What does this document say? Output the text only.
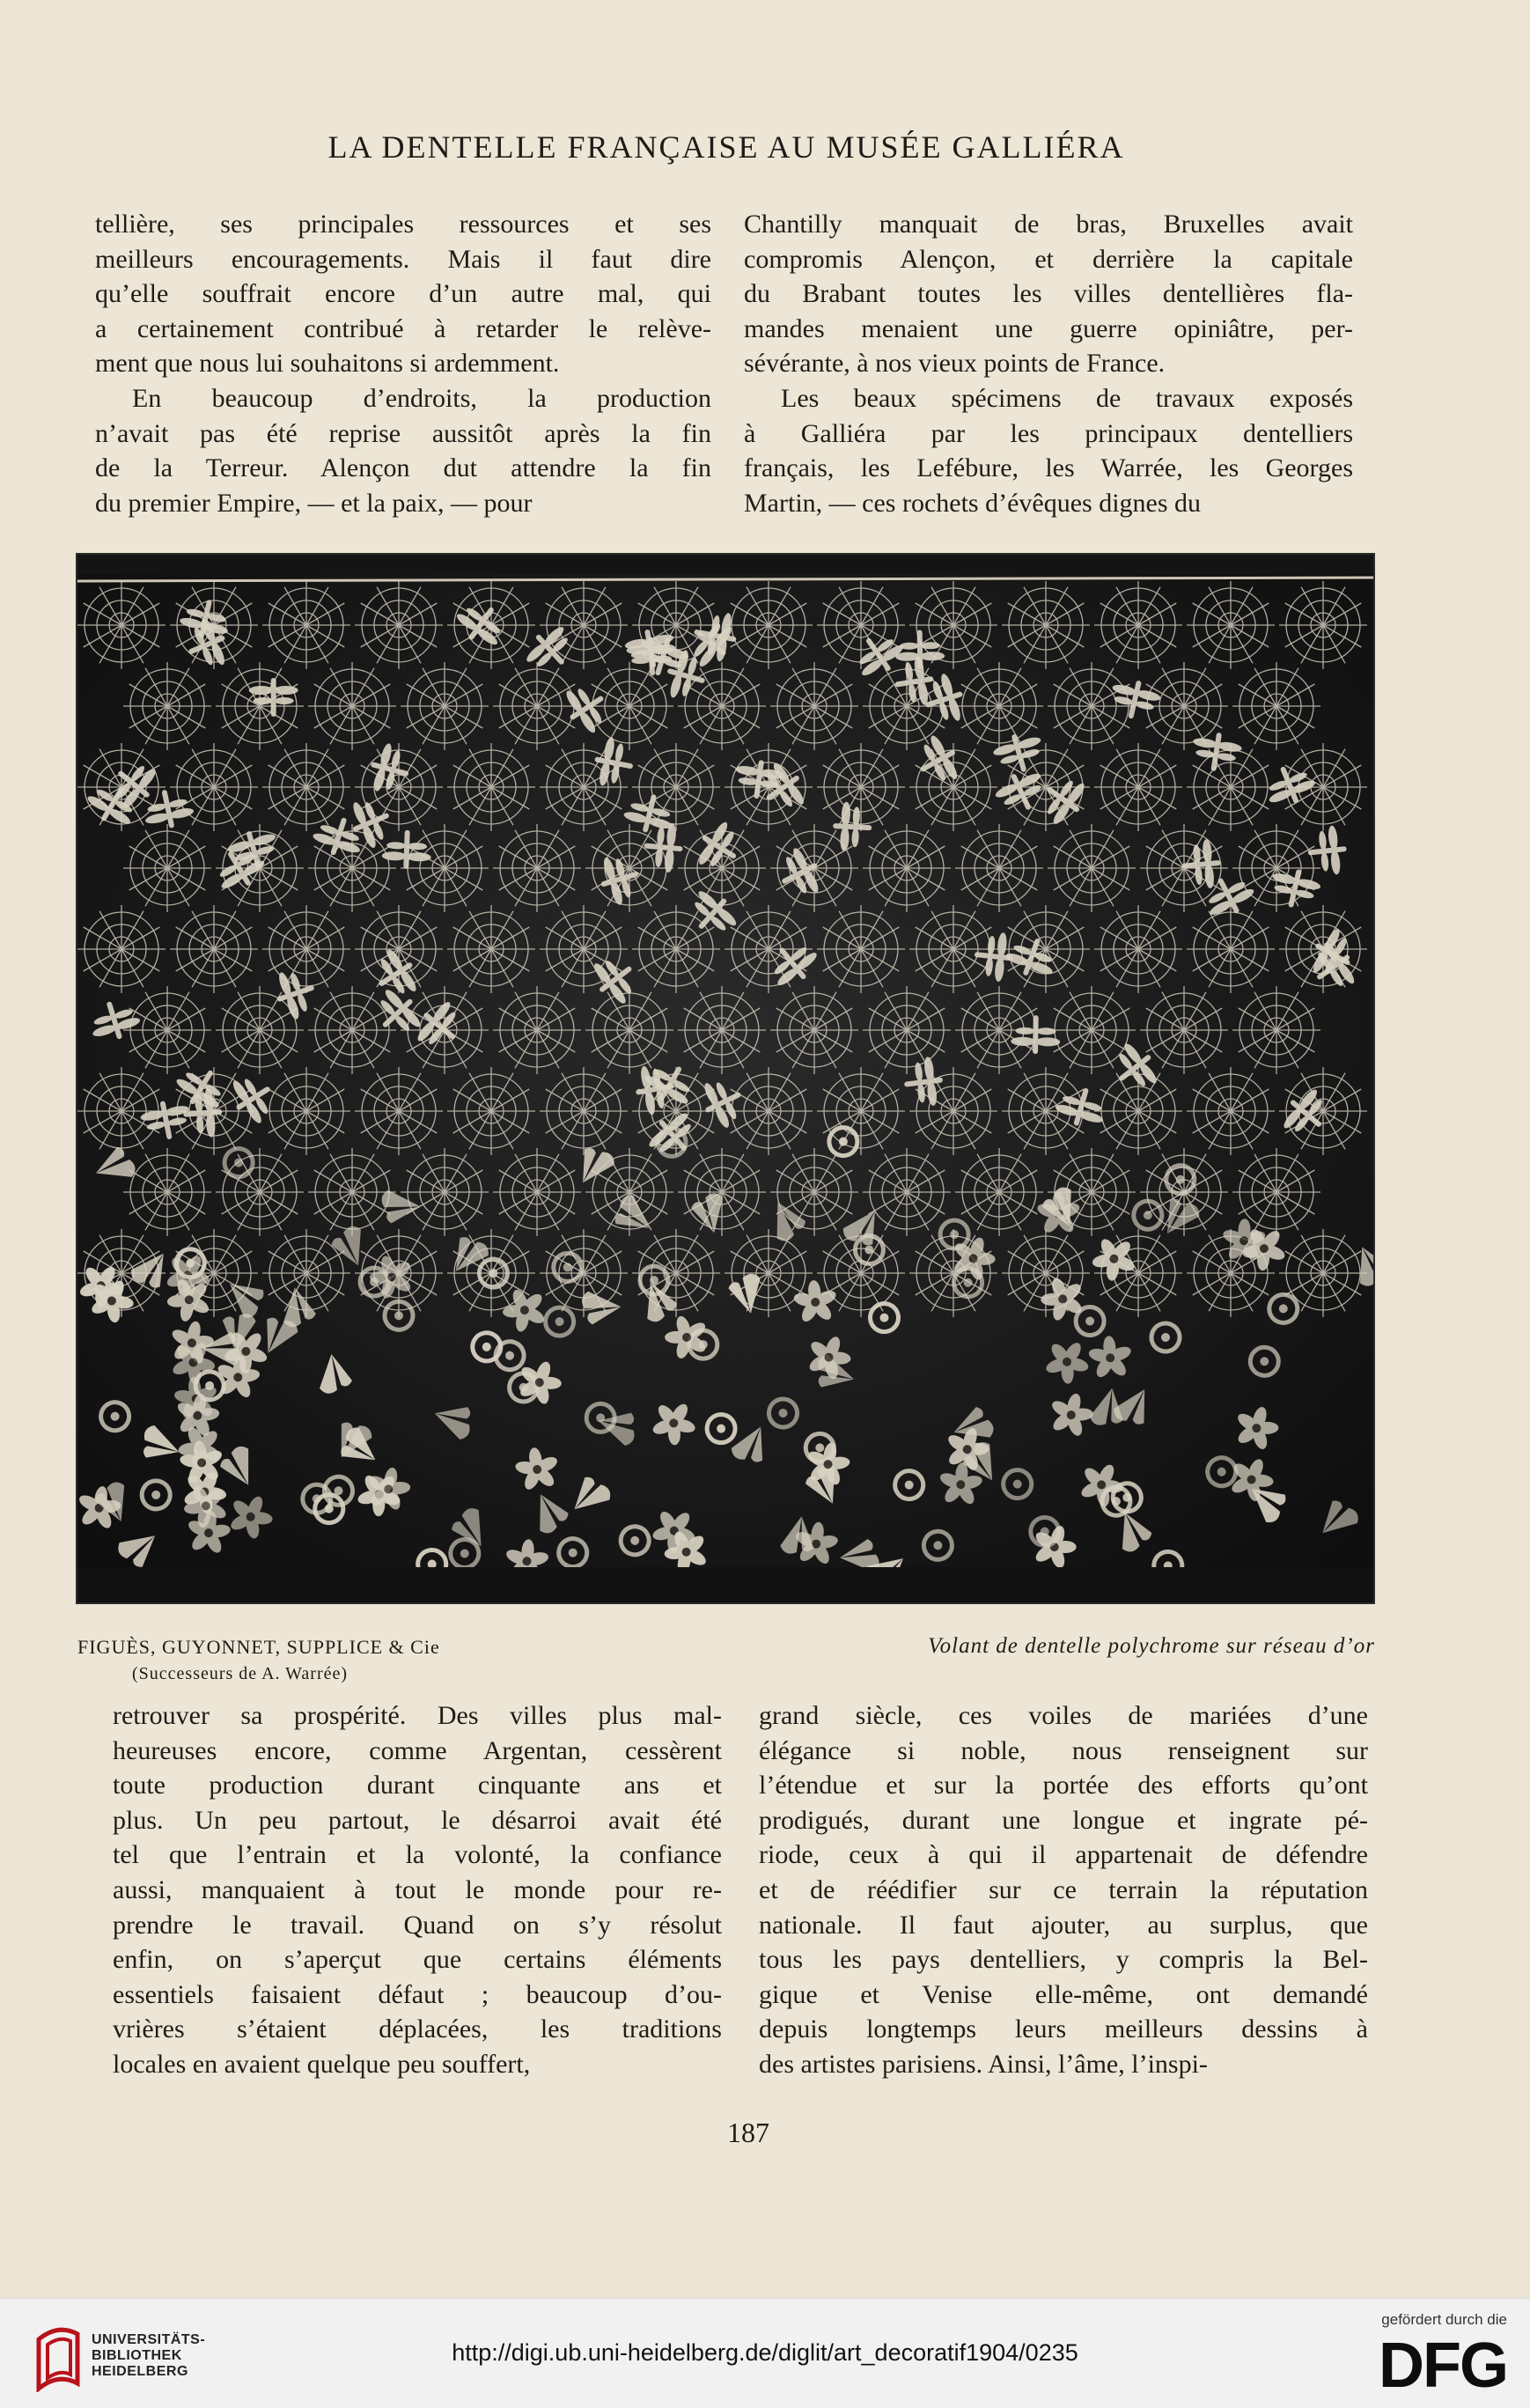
LA DENTELLE FRANÇAISE AU MUSÉE GALLIÉRA

tellière, ses principales ressources et ses

meilleurs encouragements. Mais il faut dire

qu’elle souffrait encore d’un autre mal, qui

a certainement contribué à retarder le relève-

ment que nous lui souhaitons si ardemment.

En beaucoup d’endroits, la production

n’avait pas été reprise aussitôt après la fin

de la Terreur. Alençon dut attendre la fin

du premier Empire, — et la paix, — pour

Chantilly manquait de bras, Bruxelles avait

compromis Alençon, et derrière la capitale

du Brabant toutes les villes dentellières fla-

mandes menaient une guerre opiniâtre, per-

sévérante, à nos vieux points de France.

Les beaux spécimens de travaux exposés

à Galliéra par les principaux dentelliers

français, les Lefébure, les Warrée, les Georges

Martin, — ces rochets d’évêques dignes du

FIGUÈS, GUYONNET, SUPPLICE & Cie
(Successeurs de A. Warrée)
Volant de dentelle polychrome sur réseau d’or

retrouver sa prospérité. Des villes plus mal-

heureuses encore, comme Argentan, cessèrent

toute production durant cinquante ans et

plus. Un peu partout, le désarroi avait été

tel que l’entrain et la volonté, la confiance

aussi, manquaient à tout le monde pour re-

prendre le travail. Quand on s’y résolut

enfin, on s’aperçut que certains éléments

essentiels faisaient défaut ; beaucoup d’ou-

vrières s’étaient déplacées, les traditions

locales en avaient quelque peu souffert,

grand siècle, ces voiles de mariées d’une

élégance si noble, nous renseignent sur

l’étendue et sur la portée des efforts qu’ont

prodigués, durant une longue et ingrate pé-

riode, ceux à qui il appartenait de défendre

et de réédifier sur ce terrain la réputation

nationale. Il faut ajouter, au surplus, que

tous les pays dentelliers, y compris la Bel-

gique et Venise elle-même, ont demandé

depuis longtemps leurs meilleurs dessins à

des artistes parisiens. Ainsi, l’âme, l’inspi-

187
UNIVERSITÄTS-
BIBLIOTHEK
HEIDELBERG
http://digi.ub.uni-heidelberg.de/diglit/art_decoratif1904/0235
gefördert durch die
DFG
